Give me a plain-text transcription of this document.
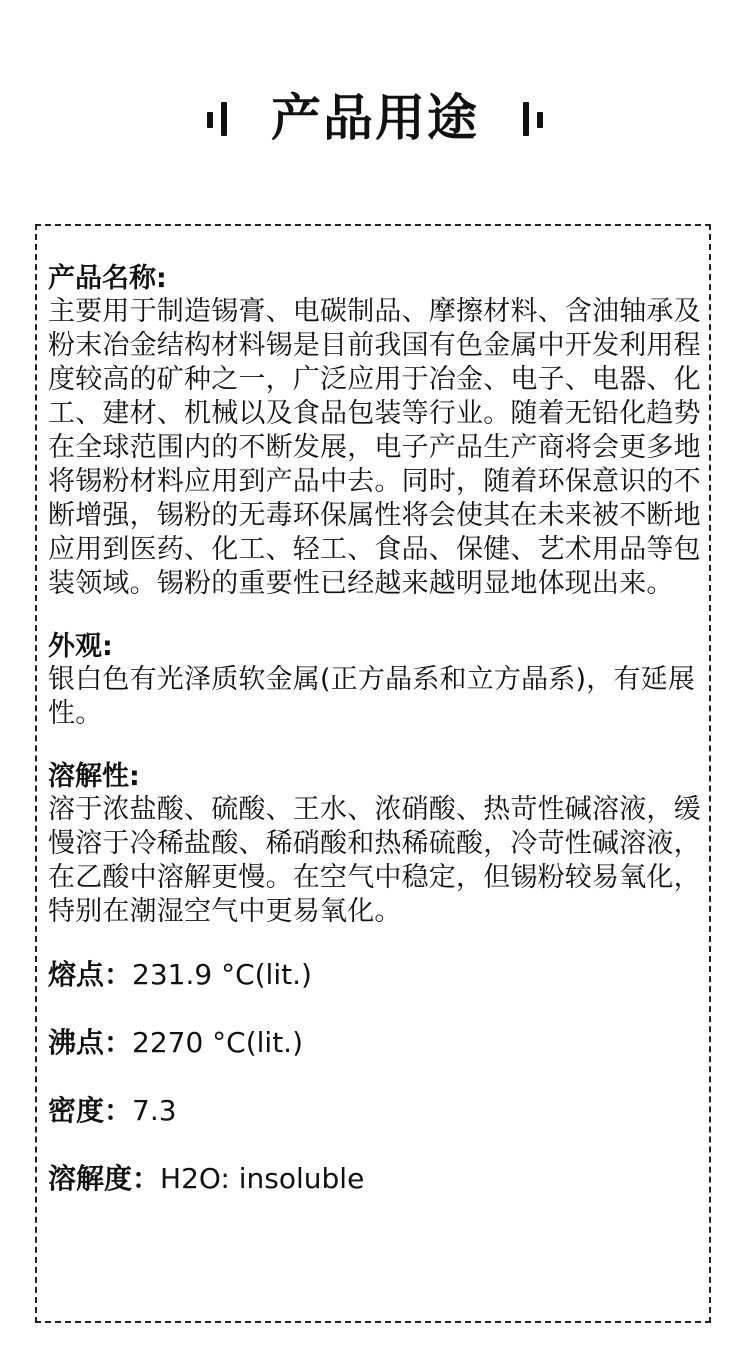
产品用途
产品名称:
主要用于制造锡膏、电碳制品、摩擦材料、含油轴承及粉末冶金结构材料锡是目前我国有色金属中开发利用程度较高的矿种之一，广泛应用于冶金、电子、电器、化工、建材、机械以及食品包装等行业。随着无铅化趋势在全球范围内的不断发展，电子产品生产商将会更多地将锡粉材料应用到产品中去。同时，随着环保意识的不断增强，锡粉的无毒环保属性将会使其在未来被不断地应用到医药、化工、轻工、食品、保健、艺术用品等包装领域。锡粉的重要性已经越来越明显地体现出来。
外观:
银白色有光泽质软金属(正方晶系和立方晶系)，有延展性。
溶解性:
溶于浓盐酸、硫酸、王水、浓硝酸、热苛性碱溶液，缓慢溶于冷稀盐酸、稀硝酸和热稀硫酸，冷苛性碱溶液，在乙酸中溶解更慢。在空气中稳定，但锡粉较易氧化，特别在潮湿空气中更易氧化。
熔点：231.9 °C(lit.)
沸点：2270 °C(lit.)
密度：7.3
溶解度：H2O: insoluble
